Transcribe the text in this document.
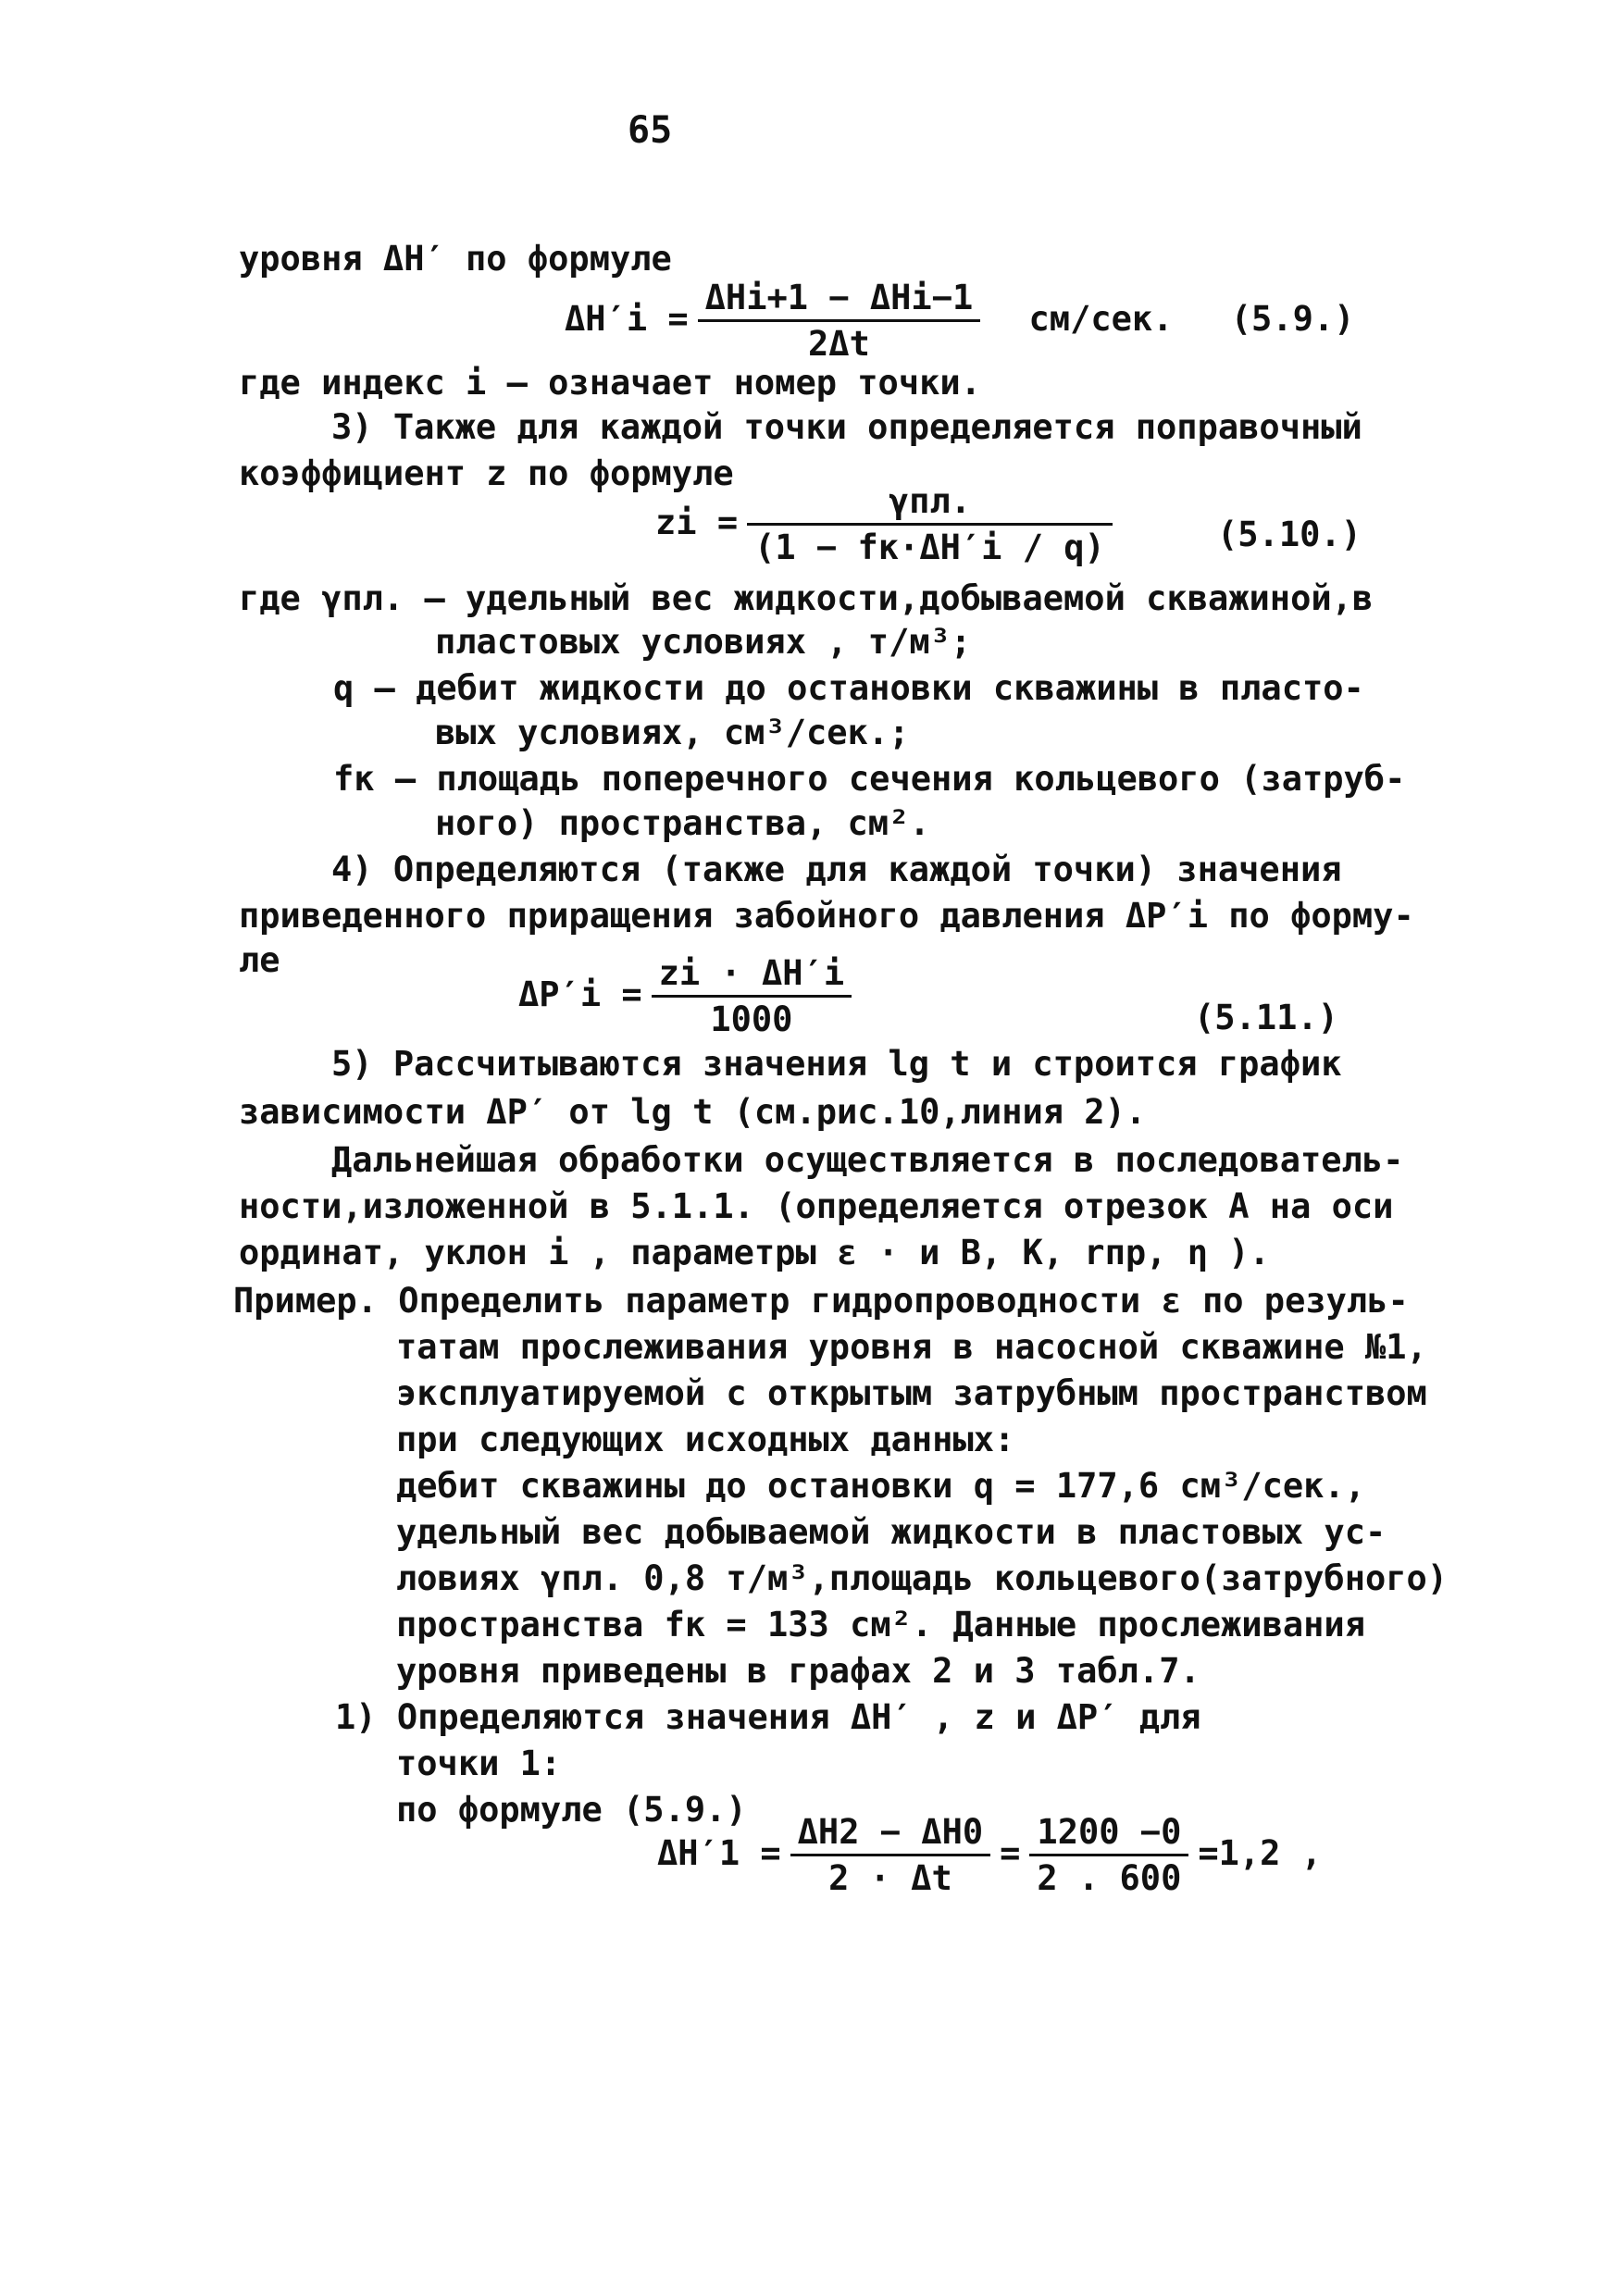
65
уровня ΔH′ по формуле
$\Delta H'i = \frac{\text{ΔHi+1 − ΔHi−1}}{2\Delta t} см/сек$. (5.9.)
где индекс i – означает номер точки.
3) Также для каждой точки определяется поправочный
коэффициент z по формуле
zi = $\frac{\text{γпл.}}{(1 - fк\cdot\Delta H'i / q)}$	(5.10.)
где γпл. – удельный вес жидкости,добываемой скважиной,в
пластовых условиях , т/м³;
q – дебит жидкости до остановки скважины в пласто-
вых условиях, см³/сек.;
fк – площадь поперечного сечения кольцевого (затруб-
ного) пространства, см².
4) Определяются (также для каждой точки) значения
приведенного приращения забойного давления ΔP′i по форму-
ле
$\Delta P'i = \frac{zi \cdot \Delta H'i}{1000}$	(5.11.)
5) Рассчитываются значения lg t и строится график
зависимости ΔP′ от lg t (см.рис.10,линия 2).
Дальнейшая обработки осуществляется в последователь-
ности,изложенной в 5.1.1. (определяется отрезок A на оси
ординат, уклон i , параметры ε · и B, K, rпр, η ).
Пример. Определить параметр гидропроводности ε по резуль-
татам прослеживания уровня в насосной скважине №1,
эксплуатируемой с открытым затрубным пространством
при следующих исходных данных:
дебит скважины до остановки q = 177,6 см³/сек.,
удельный вес добываемой жидкости в пластовых ус-
ловиях γпл. 0,8 т/м³,площадь кольцевого(затрубного)
пространства fк = 133 см². Данные прослеживания
уровня приведены в графах 2 и 3 табл.7.
1) Определяются значения ΔH′ , z и ΔP′ для
точки 1:
по формуле (5.9.)
$\Delta H'1 = \frac{\Delta H2 - \Delta H0}{2 \cdot \Delta t} = \frac{1200 -0}{2 . 600} =1,2$ ,
